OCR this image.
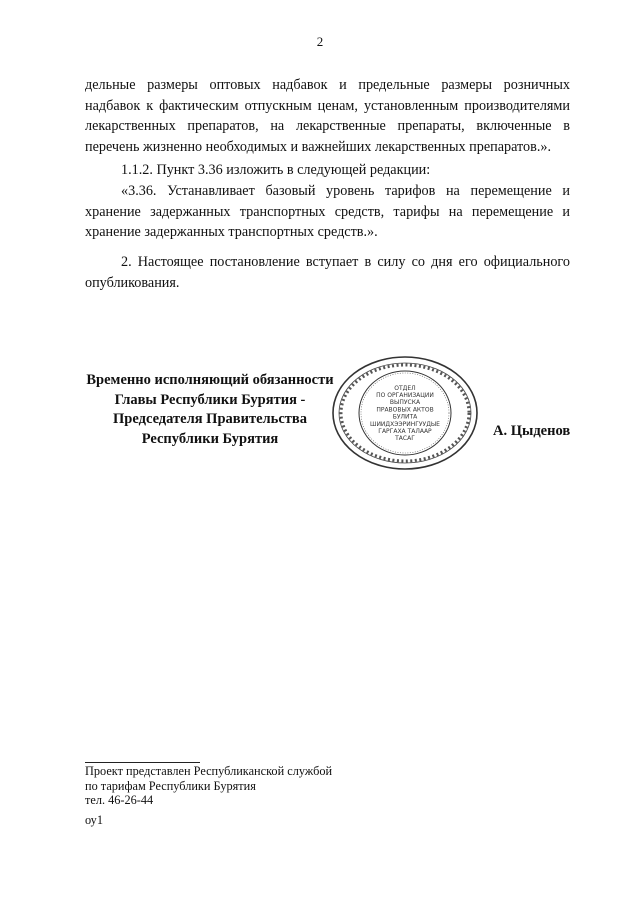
2

дельные размеры оптовых надбавок и предельные размеры розничных надбавок к фактическим отпускным ценам, установленным производителями лекарственных препаратов, на лекарственные препараты, включенные в перечень жизненно необходимых и важнейших лекарственных препаратов.».

1.1.2. Пункт 3.36 изложить в следующей редакции:

«3.36. Устанавливает базовый уровень тарифов на перемещение и хранение задержанных транспортных средств, тарифы на перемещение и хранение задержанных транспортных средств.».

2. Настоящее постановление вступает в силу со дня его официального опубликования.

Временно исполняющий обязанности
Главы Республики Бурятия -
Председателя Правительства
Республики Бурятия
ОТДЕЛ
ПО ОРГАНИЗАЦИИ
ВЫПУСКА
ПРАВОВЫХ АКТОВ
БУЛИТА
ШИИДХЭЭРИНГУУДЫЕ
ГАРГАХА ТАЛААР
ТАСАГ	А. Цыденов
Проект представлен Республиканской службой
по тарифам Республики Бурятия
тел. 46-26-44
оу1
